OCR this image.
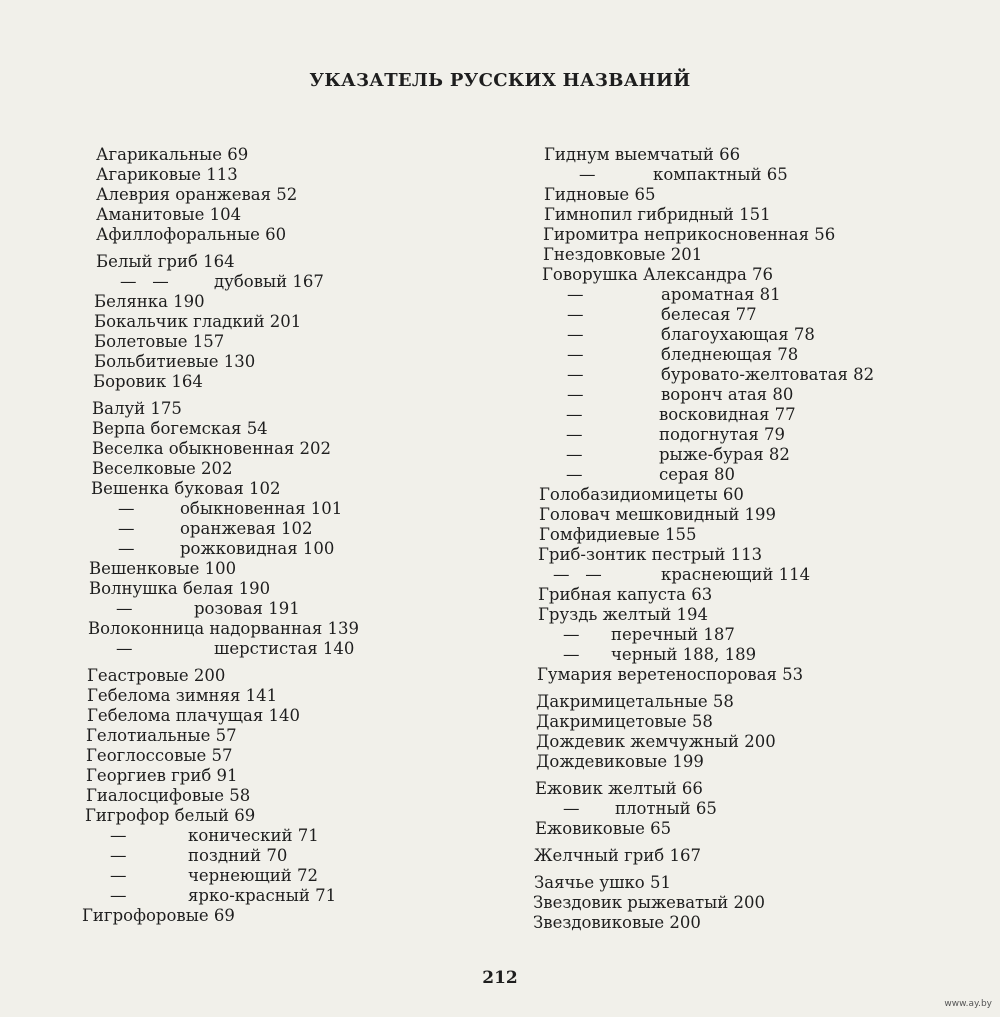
УКАЗАТЕЛЬ РУССКИХ НАЗВАНИЙ
Агарикальные 69
Агариковые 113
Алеврия оранжевая 52
Аманитовые 104
Афиллофоральные 60
Белый гриб 164
—   —	дубовый 167
Белянка 190
Бокальчик гладкий 201
Болетовые 157
Больбитиевые 130
Боровик 164
Валуй 175
Верпа богемская 54
Веселка обыкновенная 202
Веселковые 202
Вешенка буковая 102
—	обыкновенная 101
—	оранжевая 102
—	рожковидная 100
Вешенковые 100
Волнушка белая 190
—	розовая 191
Волоконница надорванная 139
—	шерстистая 140
Геастровые 200
Гебелома зимняя 141
Гебелома плачущая 140
Гелотиальные 57
Геоглоссовые 57
Георгиев гриб 91
Гиалосцифовые 58
Гигрофор белый 69
—	конический 71
—	поздний 70
—	чернеющий 72
—	ярко-красный 71
Гигрофоровые 69
Гиднум выемчатый 66
—	компактный 65
Гидновые 65
Гимнопил гибридный 151
Гиромитра неприкосновенная 56
Гнездовковые 201
Говорушка Александра 76
—	ароматная 81
—	белесая 77
—	благоухающая 78
—	бледнеющая 78
—	буровато-желтоватая 82
—	воронч атая 80
—	восковидная 77
—	подогнутая 79
—	рыже-бурая 82
—	серая 80
Голобазидиомицеты 60
Головач мешковидный 199
Гомфидиевые 155
Гриб-зонтик пестрый 113
—   —	краснеющий 114
Грибная капуста 63
Груздь желтый 194
— перечный 187
— черный 188, 189
Гумария веретеноспоровая 53
Дакримицетальные 58
Дакримицетовые 58
Дождевик жемчужный 200
Дождевиковые 199
Ежовик желтый 66
— плотный 65
Ежовиковые 65
Желчный гриб 167
Заячье ушко 51
Звездовик рыжеватый 200
Звездовиковые 200
212
www.ay.by
